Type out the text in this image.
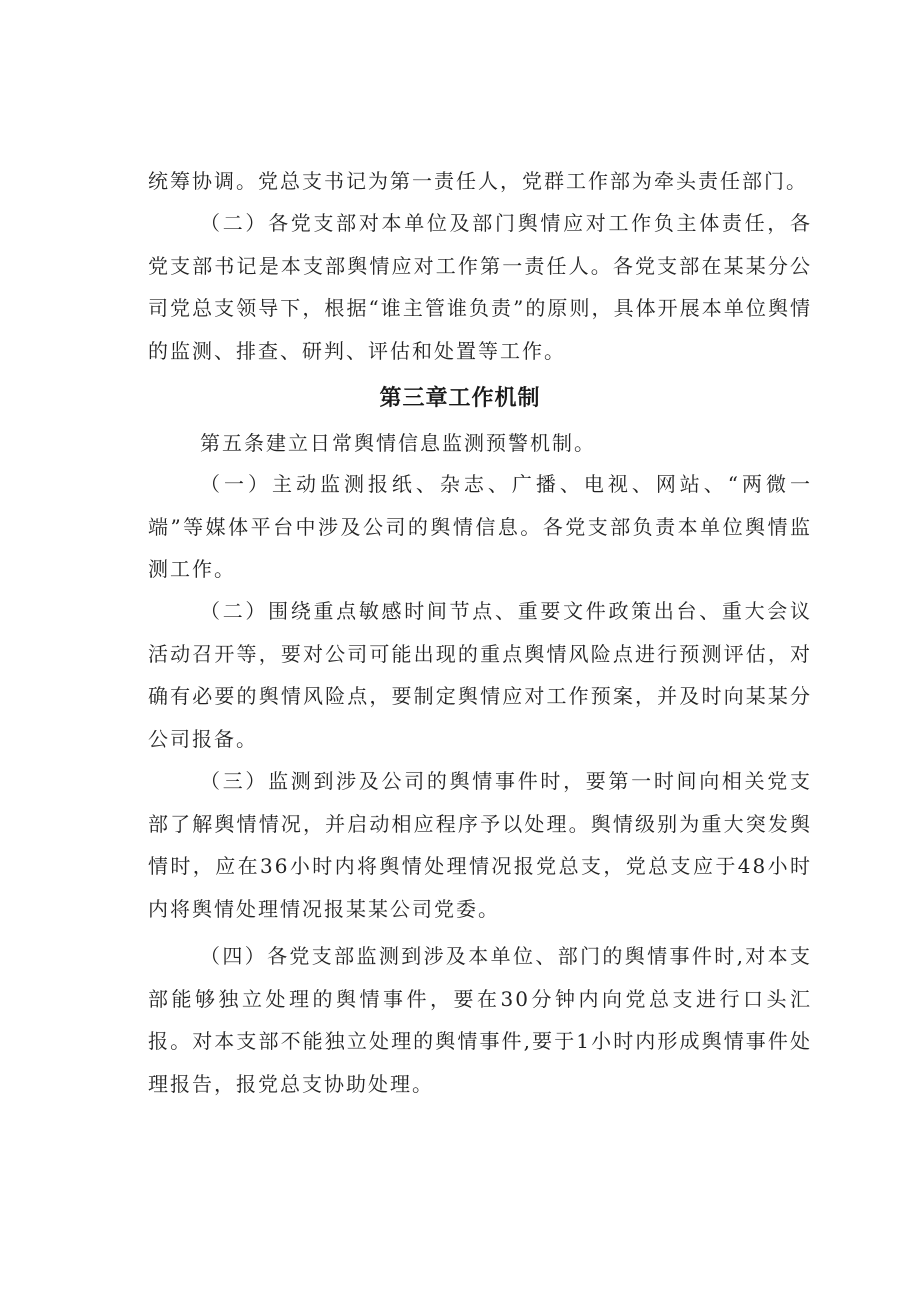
统筹协调。党总支书记为第一责任人，党群工作部为牵头责任部门。
（二）各党支部对本单位及部门舆情应对工作负主体责任，各党支部书记是本支部舆情应对工作第一责任人。各党支部在某某分公司党总支领导下，根据“谁主管谁负责”的原则，具体开展本单位舆情的监测、排查、研判、评估和处置等工作。
第三章工作机制
第五条建立日常舆情信息监测预警机制。
（一）主动监测报纸、杂志、广播、电视、网站、“两微一端”等媒体平台中涉及公司的舆情信息。各党支部负责本单位舆情监测工作。
（二）围绕重点敏感时间节点、重要文件政策出台、重大会议活动召开等，要对公司可能出现的重点舆情风险点进行预测评估，对确有必要的舆情风险点，要制定舆情应对工作预案，并及时向某某分公司报备。
（三）监测到涉及公司的舆情事件时，要第一时间向相关党支部了解舆情情况，并启动相应程序予以处理。舆情级别为重大突发舆情时，应在36小时内将舆情处理情况报党总支，党总支应于48小时内将舆情处理情况报某某公司党委。
（四）各党支部监测到涉及本单位、部门的舆情事件时,对本支部能够独立处理的舆情事件，要在30分钟内向党总支进行口头汇报。对本支部不能独立处理的舆情事件,要于1小时内形成舆情事件处理报告，报党总支协助处理。
